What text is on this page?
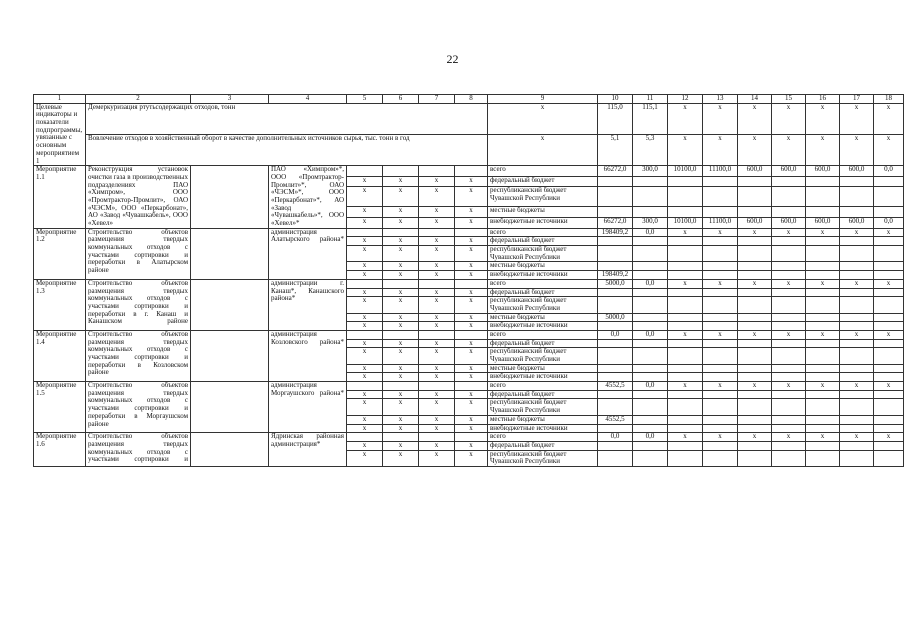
22
1	2	3	4	5	6	7	8	9	10	11	12	13	14	15	16	17	18
Целевые индикаторы и показатели подпрограммы, увязанные с основным мероприятием 1	Демеркуризация ртутьсодержащих отходов, тонн							x	115,0	115,1	x	x	x	x	x	x	x
	Вовлечение отходов в хозяйственный оборот в качестве дополнительных источников сырья, тыс. тонн в год							x	5,1	5,3	x	x	x	x	x	x	x
Мероприятие 1.1	Реконструкция установок очистки газа в производственных подразделениях ПАО «Химпром», ООО «Промтрактор-Промлит», ОАО «ЧЭСМ», ООО «Перкарбонат», АО «Завод «Чувашкабель», ООО «Хевел»		ПАО «Химпром»*, ООО «Промтрактор-Промлит»*, ОАО «ЧЭСМ»*, ООО «Перкарбонат»*, АО «Завод «Чувашкабель»*, ООО «Хевел»*					всего	66272,0	300,0	10100,0	11100,0	600,0	600,0	600,0	600,0	0,0
				x	x	x	x	федеральный бюджет									
				x	x	x	x	республиканский бюджет Чувашской Республики									
				x	x	x	x	местные бюджеты									
				x	x	x	x	внебюджетные источники	66272,0	300,0	10100,0	11100,0	600,0	600,0	600,0	600,0	0,0
Мероприятие 1.2	Строительство объектов размещения твердых коммунальных отходов с участками сортировки и переработки в Алатырском районе		администрация Алатырского района*					всего	198409,2	0,0	x	x	x	x	x	x	x
				x	x	x	x	федеральный бюджет									
				x	x	x	x	республиканский бюджет Чувашской Республики									
				x	x	x	x	местные бюджеты									
				x	x	x	x	внебюджетные источники	198409,2								
Мероприятие 1.3	Строительство объектов размещения твердых коммунальных отходов с участками сортировки и переработки в г. Канаш и Канашском районе		администрации г. Канаш*, Канашского района*					всего	5000,0	0,0	x	x	x	x	x	x	x
				x	x	x	x	федеральный бюджет									
				x	x	x	x	республиканский бюджет Чувашской Республики									
				x	x	x	x	местные бюджеты	5000,0								
				x	x	x	x	внебюджетные источники									
Мероприятие 1.4	Строительство объектов размещения твердых коммунальных отходов с участками сортировки и переработки в Козловском районе		администрация Козловского района*					всего	0,0	0,0	x	x	x	x	x	x	x
				x	x	x	x	федеральный бюджет									
				x	x	x	x	республиканский бюджет Чувашской Республики									
				x	x	x	x	местные бюджеты									
				x	x	x	x	внебюджетные источники									
Мероприятие 1.5	Строительство объектов размещения твердых коммунальных отходов с участками сортировки и переработки в Моргаушском районе		администрация Моргаушского района*					всего	4552,5	0,0	x	x	x	x	x	x	x
				x	x	x	x	федеральный бюджет									
				x	x	x	x	республиканский бюджет Чувашской Республики									
				x	x	x	x	местные бюджеты	4552,5								
				x	x	x	x	внебюджетные источники									
Мероприятие 1.6	Строительство объектов размещения твердых коммунальных отходов с участками сортировки и		Ядринская районная администрация*					всего	0,0	0,0	x	x	x	x	x	x	x
				x	x	x	x	федеральный бюджет									
				x	x	x	x	республиканский бюджет Чувашской Республики									
